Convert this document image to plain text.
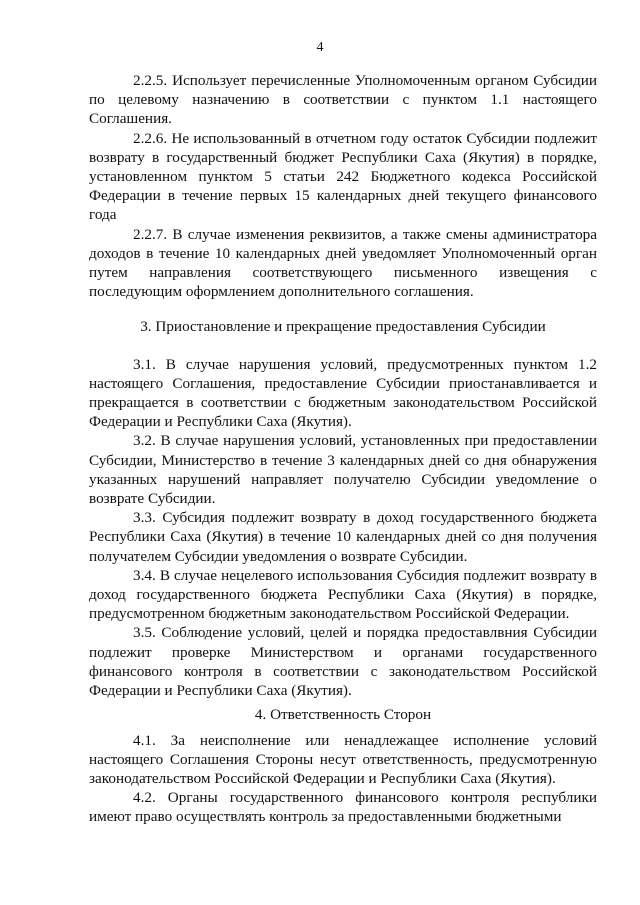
4

2.2.5. Использует перечисленные Уполномоченным органом Субсидии по целевому назначению в соответствии с пунктом 1.1 настоящего Соглашения.

2.2.6. Не использованный в отчетном году остаток Субсидии подлежит возврату в государственный бюджет Республики Саха (Якутия) в порядке, установленном пунктом 5 статьи 242 Бюджетного кодекса Российской Федерации в течение первых 15 календарных дней текущего финансового года

2.2.7. В случае изменения реквизитов, а также смены администратора доходов в течение 10 календарных дней уведомляет Уполномоченный орган путем направления соответствующего письменного извещения с последующим оформлением дополнительного соглашения.

3. Приостановление и прекращение предоставления Субсидии

3.1. В случае нарушения условий, предусмотренных пунктом 1.2 настоящего Соглашения, предоставление Субсидии приостанавливается и прекращается в соответствии с бюджетным законодательством Российской Федерации и Республики Саха (Якутия).

3.2. В случае нарушения условий, установленных при предоставлении Субсидии, Министерство в течение 3 календарных дней со дня обнаружения указанных нарушений направляет получателю Субсидии уведомление о возврате Субсидии.

3.3. Субсидия подлежит возврату в доход государственного бюджета Республики Саха (Якутия) в течение 10 календарных дней со дня получения получателем Субсидии уведомления о возврате Субсидии.

3.4. В случае нецелевого использования Субсидия подлежит возврату в доход государственного бюджета Республики Саха (Якутия) в порядке, предусмотренном бюджетным законодательством Российской Федерации.

3.5. Соблюдение условий, целей и порядка предоставлвния Субсидии подлежит проверке Министерством и органами государственного финансового контроля в соответствии с законодательством Российской Федерации и Республики Саха (Якутия).

4. Ответственность Сторон

4.1. За неисполнение или ненадлежащее исполнение условий настоящего Соглашения Стороны несут ответственность, предусмотренную законодательством Российской Федерации и Республики Саха (Якутия).

4.2. Органы государственного финансового контроля республики имеют право осуществлять контроль за предоставленными бюджетными
